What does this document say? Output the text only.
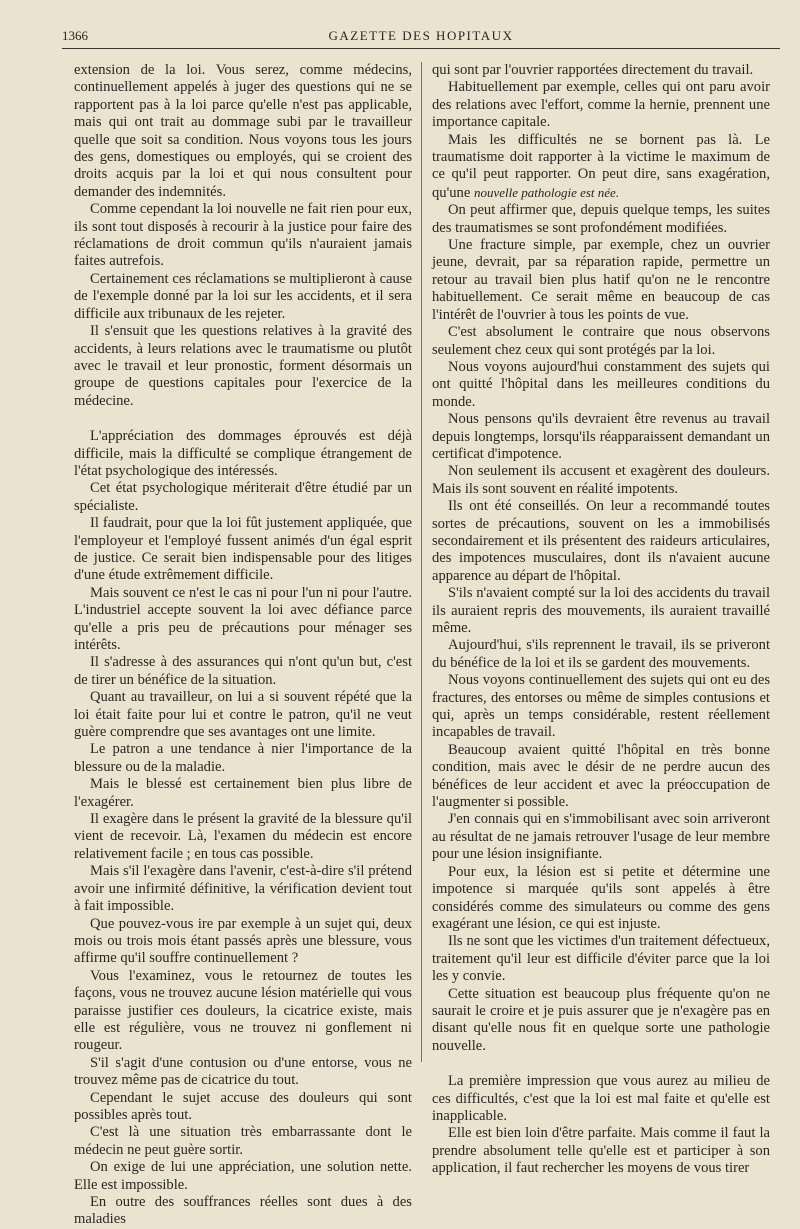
1366	GAZETTE DES HOPITAUX

extension de la loi. Vous serez, comme médecins, continuellement appelés à juger des questions qui ne se rapportent pas à la loi parce qu'elle n'est pas applicable, mais qui ont trait au dommage subi par le travailleur quelle que soit sa condition. Nous voyons tous les jours des gens, domestiques ou employés, qui se croient des droits acquis par la loi et qui nous consultent pour demander des indemnités.

Comme cependant la loi nouvelle ne fait rien pour eux, ils sont tout disposés à recourir à la justice pour faire des réclamations de droit commun qu'ils n'auraient jamais faites autrefois.

Certainement ces réclamations se multiplieront à cause de l'exemple donné par la loi sur les accidents, et il sera difficile aux tribunaux de les rejeter.

Il s'ensuit que les questions relatives à la gravité des accidents, à leurs relations avec le traumatisme ou plutôt avec le travail et leur pronostic, forment désormais un groupe de questions capitales pour l'exercice de la médecine.

L'appréciation des dommages éprouvés est déjà difficile, mais la difficulté se complique étrangement de l'état psychologique des intéressés.

Cet état psychologique mériterait d'être étudié par un spécialiste.

Il faudrait, pour que la loi fût justement appliquée, que l'employeur et l'employé fussent animés d'un égal esprit de justice. Ce serait bien indispensable pour des litiges d'une étude extrêmement difficile.

Mais souvent ce n'est le cas ni pour l'un ni pour l'autre. L'industriel accepte souvent la loi avec défiance parce qu'elle a pris peu de précautions pour ménager ses intérêts.

Il s'adresse à des assurances qui n'ont qu'un but, c'est de tirer un bénéfice de la situation.

Quant au travailleur, on lui a si souvent répété que la loi était faite pour lui et contre le patron, qu'il ne veut guère comprendre que ses avantages ont une limite.

Le patron a une tendance à nier l'importance de la blessure ou de la maladie.

Mais le blessé est certainement bien plus libre de l'exagérer.

Il exagère dans le présent la gravité de la blessure qu'il vient de recevoir. Là, l'examen du médecin est encore relativement facile ; en tous cas possible.

Mais s'il l'exagère dans l'avenir, c'est-à-dire s'il prétend avoir une infirmité définitive, la vérification devient tout à fait impossible.

Que pouvez-vous ire par exemple à un sujet qui, deux mois ou trois mois étant passés après une blessure, vous affirme qu'il souffre continuellement ?

Vous l'examinez, vous le retournez de toutes les façons, vous ne trouvez aucune lésion matérielle qui vous paraisse justifier ces douleurs, la cicatrice existe, mais elle est régulière, vous ne trouvez ni gonflement ni rougeur.

S'il s'agit d'une contusion ou d'une entorse, vous ne trouvez même pas de cicatrice du tout.

Cependant le sujet accuse des douleurs qui sont possibles après tout.

C'est là une situation très embarrassante dont le médecin ne peut guère sortir.

On exige de lui une appréciation, une solution nette. Elle est impossible.

En outre des souffrances réelles sont dues à des maladies

qui sont par l'ouvrier rapportées directement du travail.

Habituellement par exemple, celles qui ont paru avoir des relations avec l'effort, comme la hernie, prennent une importance capitale.

Mais les difficultés ne se bornent pas là. Le traumatisme doit rapporter à la victime le maximum de ce qu'il peut rapporter. On peut dire, sans exagération, qu'une nouvelle pathologie est née.

On peut affirmer que, depuis quelque temps, les suites des traumatismes se sont profondément modifiées.

Une fracture simple, par exemple, chez un ouvrier jeune, devrait, par sa réparation rapide, permettre un retour au travail bien plus hatif qu'on ne le rencontre habituellement. Ce serait même en beaucoup de cas l'intérêt de l'ouvrier à tous les points de vue.

C'est absolument le contraire que nous observons seulement chez ceux qui sont protégés par la loi.

Nous voyons aujourd'hui constamment des sujets qui ont quitté l'hôpital dans les meilleures conditions du monde.

Nous pensons qu'ils devraient être revenus au travail depuis longtemps, lorsqu'ils réapparaissent demandant un certificat d'impotence.

Non seulement ils accusent et exagèrent des douleurs. Mais ils sont souvent en réalité impotents.

Ils ont été conseillés. On leur a recommandé toutes sortes de précautions, souvent on les a immobilisés secondairement et ils présentent des raideurs articulaires, des impotences musculaires, dont ils n'avaient aucune apparence au départ de l'hôpital.

S'ils n'avaient compté sur la loi des accidents du travail ils auraient repris des mouvements, ils auraient travaillé même.

Aujourd'hui, s'ils reprennent le travail, ils se priveront du bénéfice de la loi et ils se gardent des mouvements.

Nous voyons continuellement des sujets qui ont eu des fractures, des entorses ou même de simples contusions et qui, après un temps considérable, restent réellement incapables de travail.

Beaucoup avaient quitté l'hôpital en très bonne condition, mais avec le désir de ne perdre aucun des bénéfices de leur accident et avec la préoccupation de l'augmenter si possible.

J'en connais qui en s'immobilisant avec soin arriveront au résultat de ne jamais retrouver l'usage de leur membre pour une lésion insignifiante.

Pour eux, la lésion est si petite et détermine une impotence si marquée qu'ils sont appelés à être considérés comme des simulateurs ou comme des gens exagérant une lésion, ce qui est injuste.

Ils ne sont que les victimes d'un traitement défectueux, traitement qu'il leur est difficile d'éviter parce que la loi les y convie.

Cette situation est beaucoup plus fréquente qu'on ne saurait le croire et je puis assurer que je n'exagère pas en disant qu'elle nous fit en quelque sorte une pathologie nouvelle.

La première impression que vous aurez au milieu de ces difficultés, c'est que la loi est mal faite et qu'elle est inapplicable.

Elle est bien loin d'être parfaite. Mais comme il faut la prendre absolument telle qu'elle est et participer à son application, il faut rechercher les moyens de vous tirer
